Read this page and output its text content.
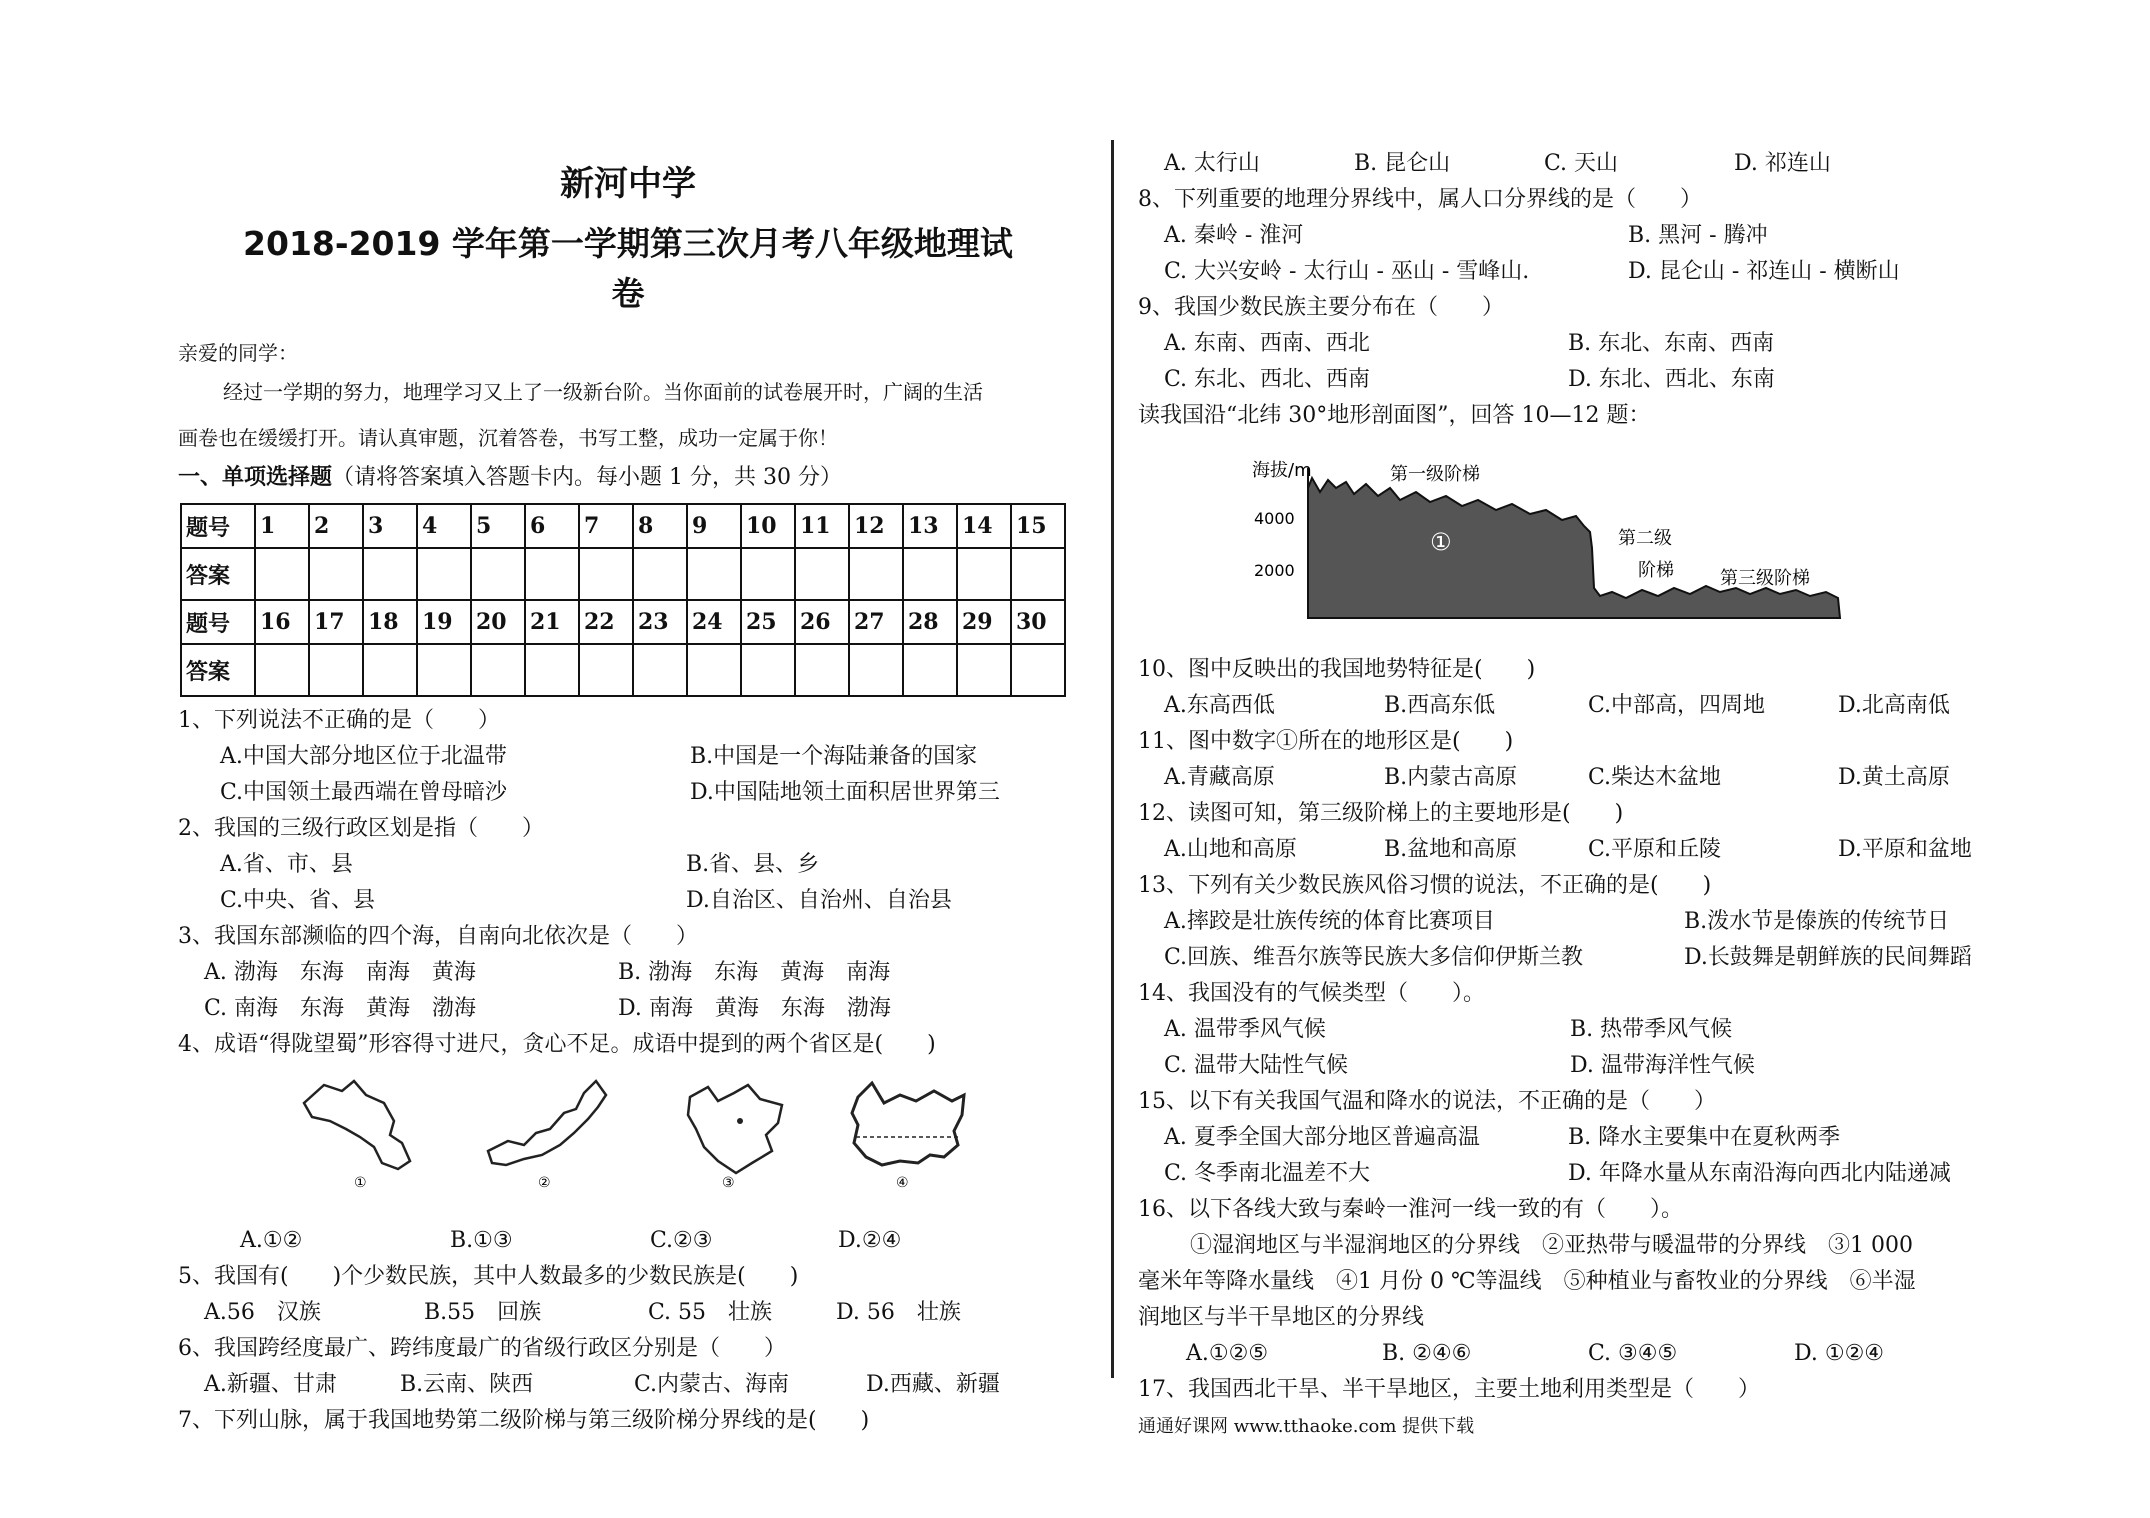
新河中学
2018-2019 学年第一学期第三次月考八年级地理试
卷
亲爱的同学：
经过一学期的努力，地理学习又上了一级新台阶。当你面前的试卷展开时，广阔的生活
画卷也在缓缓打开。请认真审题，沉着答卷，书写工整，成功一定属于你！
一、单项选择题（请将答案填入答题卡内。每小题 1 分，共 30 分）
题号	1	2	3	4	5	6	7	8	9	10	11	12	13	14	15
答案															
题号	16	17	18	19	20	21	22	23	24	25	26	27	28	29	30
答案															
1、下列说法不正确的是（　　）
A.中国大部分地区位于北温带	B.中国是一个海陆兼备的国家
C.中国领土最西端在曾母暗沙	D.中国陆地领土面积居世界第三
2、我国的三级行政区划是指（　　）
A.省、市、县	B.省、县、乡
C.中央、省、县	D.自治区、自治州、自治县
3、我国东部濒临的四个海，自南向北依次是（　　）
A. 渤海　东海　南海　黄海	B. 渤海　东海　黄海　南海
C. 南海　东海　黄海　渤海	D. 南海　黄海　东海　渤海
4、成语“得陇望蜀”形容得寸进尺，贪心不足。成语中提到的两个省区是(　　)
①	②	③	④
A.①②	B.①③	C.②③	D.②④
5、我国有(　　)个少数民族，其中人数最多的少数民族是(　　)
A.56　汉族	B.55　回族	C. 55　壮族	D. 56　壮族
6、我国跨经度最广、跨纬度最广的省级行政区分别是（　　）
A.新疆、甘肃	B.云南、陕西	C.内蒙古、海南	D.西藏、新疆
7、下列山脉，属于我国地势第二级阶梯与第三级阶梯分界线的是(　　)
A. 太行山	B. 昆仑山	C. 天山	D. 祁连山
8、下列重要的地理分界线中，属人口分界线的是（　　）
A. 秦岭 - 淮河	B. 黑河 - 腾冲
C. 大兴安岭 - 太行山 - 巫山 - 雪峰山.	D. 昆仑山 - 祁连山 - 横断山
9、我国少数民族主要分布在（　　）
A. 东南、西南、西北	B. 东北、东南、西南
C. 东北、西北、西南	D. 东北、西北、东南
读我国沿“北纬 30°地形剖面图”，回答 10—12 题：
海拔/m
4000
2000
第一级阶梯
①	第二级
阶梯	第三级阶梯
10、图中反映出的我国地势特征是(　　)
A.东高西低	B.西高东低	C.中部高，四周地	D.北高南低
11、图中数字①所在的地形区是(　　)
A.青藏高原	B.内蒙古高原	C.柴达木盆地	D.黄土高原
12、读图可知，第三级阶梯上的主要地形是(　　)
A.山地和高原	B.盆地和高原	C.平原和丘陵	D.平原和盆地
13、下列有关少数民族风俗习惯的说法，不正确的是(　　)
A.摔跤是壮族传统的体育比赛项目	B.泼水节是傣族的传统节日
C.回族、维吾尔族等民族大多信仰伊斯兰教	D.长鼓舞是朝鲜族的民间舞蹈
14、我国没有的气候类型（　　）。
A. 温带季风气候	B. 热带季风气候
C. 温带大陆性气候	D. 温带海洋性气候
15、以下有关我国气温和降水的说法，不正确的是（　　）
A. 夏季全国大部分地区普遍高温	B. 降水主要集中在夏秋两季
C. 冬季南北温差不大	D. 年降水量从东南沿海向西北内陆递减
16、以下各线大致与秦岭一淮河一线一致的有（　　）。
①湿润地区与半湿润地区的分界线　②亚热带与暖温带的分界线　③1 000
毫米年等降水量线　④1 月份 0 ℃等温线　⑤种植业与畜牧业的分界线　⑥半湿
润地区与半干旱地区的分界线
A.①②⑤	B. ②④⑥	C. ③④⑤	D. ①②④
17、我国西北干旱、半干旱地区，主要土地利用类型是（　　）
通通好课网 www.tthaoke.com 提供下载
